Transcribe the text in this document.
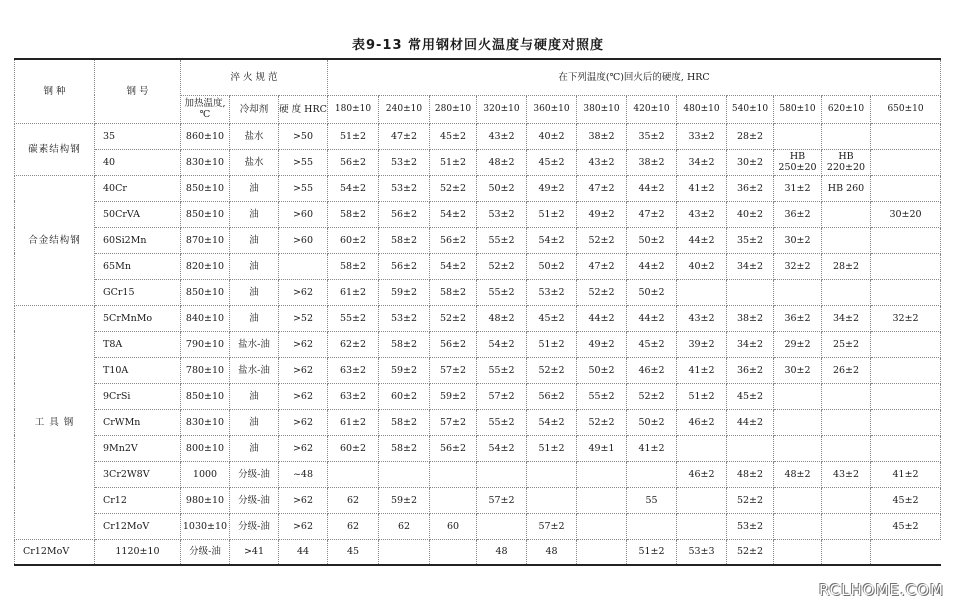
表9-13 常用钢材回火温度与硬度对照度
钢 种	钢 号	淬 火 规 范			在下列温度(℃)回火后的硬度, HRC											
		加热温度,℃	冷却剂	硬 度 HRC	180±10	240±10	280±10	320±10	360±10	380±10	420±10	480±10	540±10	580±10	620±10	650±10
碳素结构钢	35	860±10	盐水	>50	51±2	47±2	45±2	43±2	40±2	38±2	35±2	33±2	28±2			
	40	830±10	盐水	>55	56±2	53±2	51±2	48±2	45±2	43±2	38±2	34±2	30±2	HB 250±20	HB 220±20	
合金结构钢	40Cr	850±10	油	>55	54±2	53±2	52±2	50±2	49±2	47±2	44±2	41±2	36±2	31±2	HB 260	
	50CrVA	850±10	油	>60	58±2	56±2	54±2	53±2	51±2	49±2	47±2	43±2	40±2	36±2		30±20
	60Si2Mn	870±10	油	>60	60±2	58±2	56±2	55±2	54±2	52±2	50±2	44±2	35±2	30±2		
	65Mn	820±10	油		58±2	56±2	54±2	52±2	50±2	47±2	44±2	40±2	34±2	32±2	28±2	
	GCr15	850±10	油	>62	61±2	59±2	58±2	55±2	53±2	52±2	50±2					
工 具 钢	5CrMnMo	840±10	油	>52	55±2	53±2	52±2	48±2	45±2	44±2	44±2	43±2	38±2	36±2	34±2	32±2
	T8A	790±10	盐水-油	>62	62±2	58±2	56±2	54±2	51±2	49±2	45±2	39±2	34±2	29±2	25±2	
	T10A	780±10	盐水-油	>62	63±2	59±2	57±2	55±2	52±2	50±2	46±2	41±2	36±2	30±2	26±2	
	9CrSi	850±10	油	>62	63±2	60±2	59±2	57±2	56±2	55±2	52±2	51±2	45±2			
	CrWMn	830±10	油	>62	61±2	58±2	57±2	55±2	54±2	52±2	50±2	46±2	44±2			
	9Mn2V	800±10	油	>62	60±2	58±2	56±2	54±2	51±2	49±1	41±2					
	3Cr2W8V	1000	分级-油	~48								46±2	48±2	48±2	43±2	41±2
	Cr12	980±10	分级-油	>62	62	59±2		57±2			55		52±2			45±2
	Cr12MoV	1030±10	分级-油	>62	62	62	60		57±2				53±2			45±2
Cr12MoV	1120±10	分级-油	>41	44	45			48	48		51±2	53±3	52±2			
RCLHOME.COM
